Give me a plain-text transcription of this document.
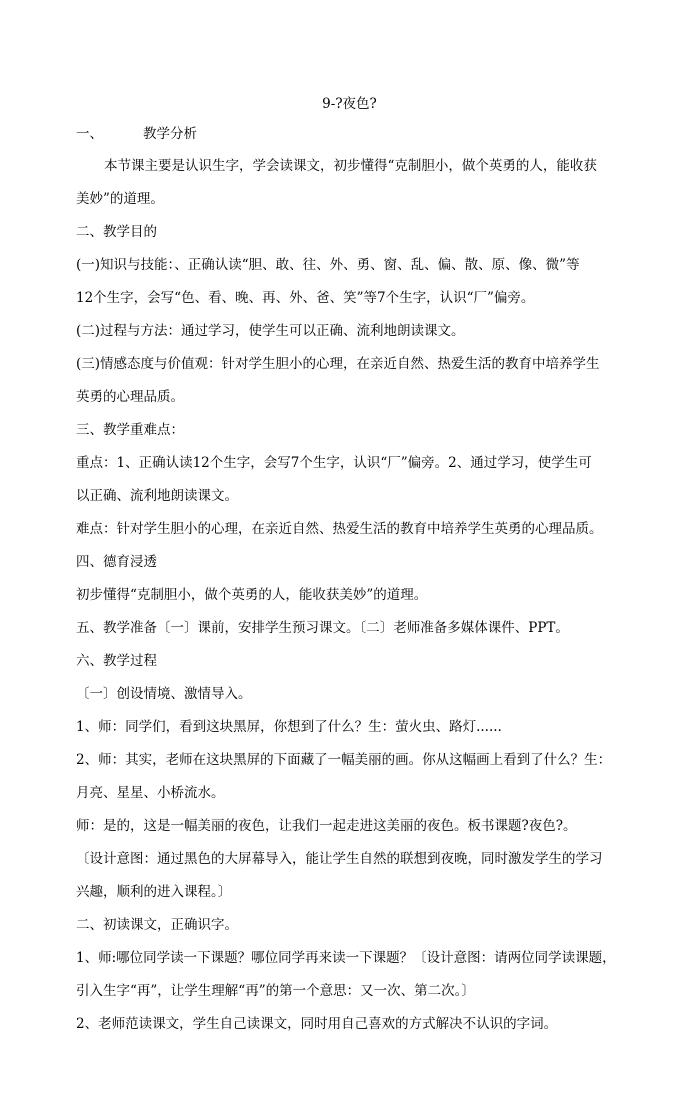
9-?夜色?
一、	教学分析
本节课主要是认识生字，学会读课文，初步懂得“克制胆小，做个英勇的人，能收获
美妙”的道理。
二、教学目的
(一)知识与技能：、正确认读“胆、敢、往、外、勇、窗、乱、偏、散、原、像、微”等
12个生字，会写“色、看、晚、再、外、爸、笑”等7个生字，认识“厂”偏旁。
(二)过程与方法：通过学习，使学生可以正确、流利地朗读课文。
(三)情感态度与价值观：针对学生胆小的心理，在亲近自然、热爱生活的教育中培养学生
英勇的心理品质。
三、教学重难点：
重点：1、正确认读12个生字，会写7个生字，认识“厂”偏旁。2、通过学习，使学生可
以正确、流利地朗读课文。
难点：针对学生胆小的心理，在亲近自然、热爱生活的教育中培养学生英勇的心理品质。
四、德育浸透
初步懂得“克制胆小，做个英勇的人，能收获美妙”的道理。
五、教学准备〔一〕课前，安排学生预习课文。〔二〕老师准备多媒体课件、PPT。
六、教学过程
〔一〕创设情境、激情导入。
1、师：同学们，看到这块黑屏，你想到了什么？生：萤火虫、路灯......
2、师：其实，老师在这块黑屏的下面藏了一幅美丽的画。你从这幅画上看到了什么？生：
月亮、星星、小桥流水。
师：是的，这是一幅美丽的夜色，让我们一起走进这美丽的夜色。板书课题?夜色?。
〔设计意图：通过黑色的大屏幕导入，能让学生自然的联想到夜晚，同时激发学生的学习
兴趣，顺利的进入课程。〕
二、初读课文，正确识字。
1、师:哪位同学读一下课题？哪位同学再来读一下课题？〔设计意图：请两位同学读课题，
引入生字“再”，让学生理解“再”的第一个意思：又一次、第二次。〕
2、老师范读课文，学生自己读课文，同时用自己喜欢的方式解决不认识的字词。
